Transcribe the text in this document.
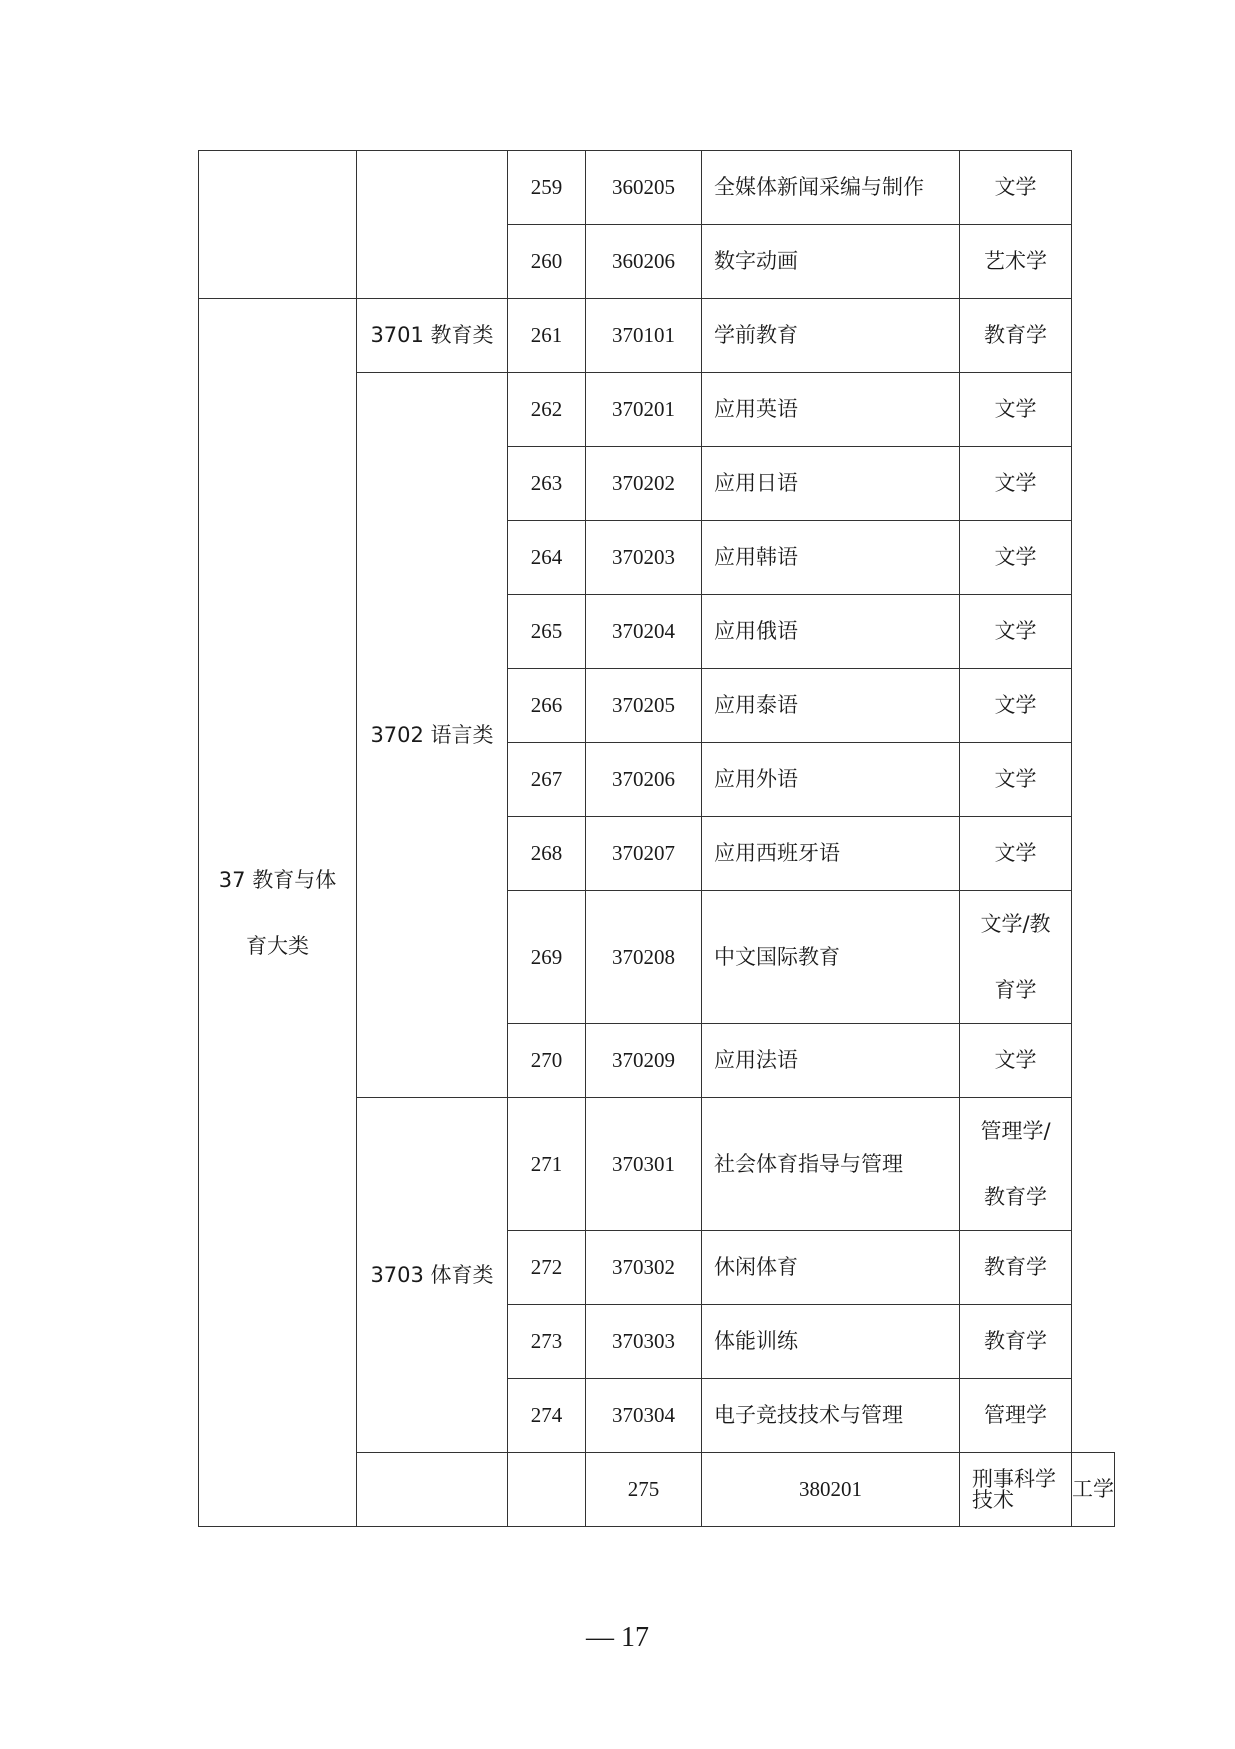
		259	360205	全媒体新闻采编与制作	文学	
		260	360206	数字动画	艺术学	
37 教育与体
育大类	3701 教育类	261	370101	学前教育	教育学	
	3702 语言类	262	370201	应用英语	文学	
		263	370202	应用日语	文学	
		264	370203	应用韩语	文学	
		265	370204	应用俄语	文学	
		266	370205	应用泰语	文学	
		267	370206	应用外语	文学	
		268	370207	应用西班牙语	文学	
		269	370208	中文国际教育	文学/教
育学	
		270	370209	应用法语	文学	
	3703 体育类	271	370301	社会体育指导与管理	管理学/
教育学	
		272	370302	休闲体育	教育学	
		273	370303	体能训练	教育学	
		274	370304	电子竞技技术与管理	管理学	
			275	380201	刑事科学技术	工学
— 17
